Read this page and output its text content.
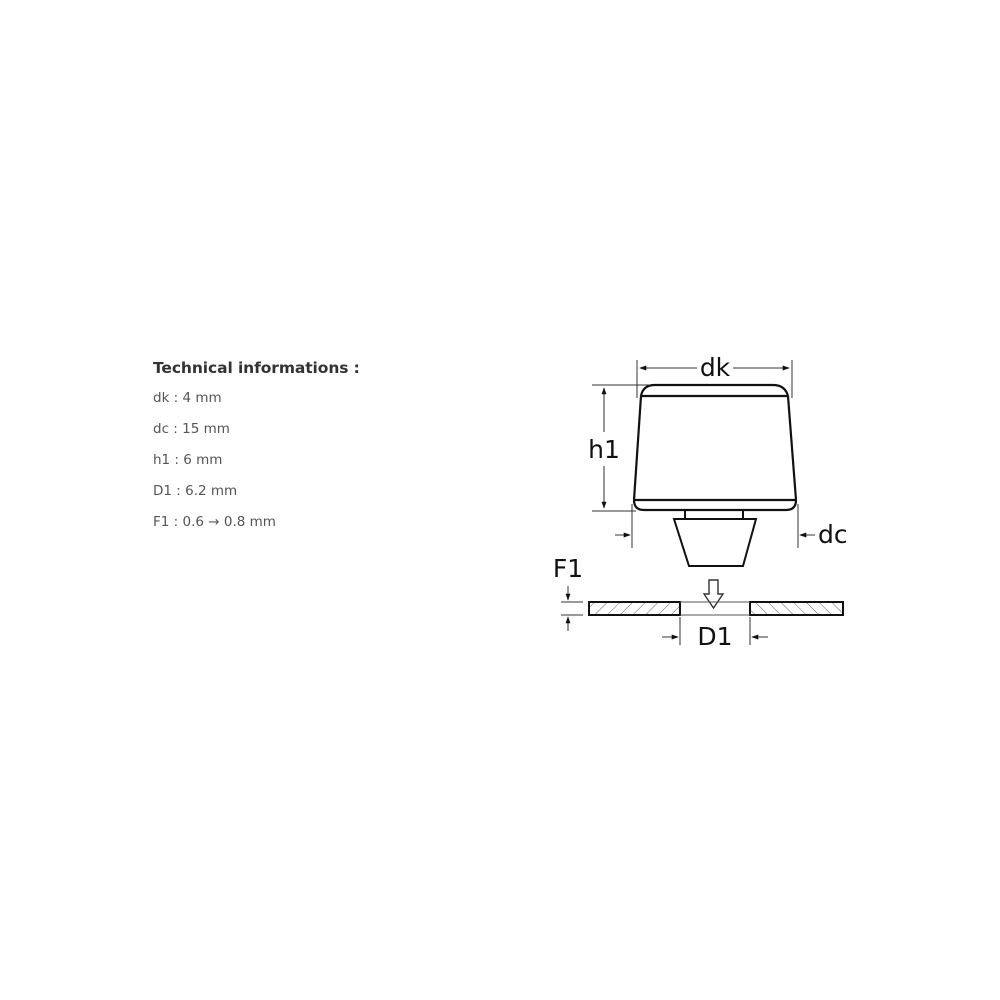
Technical informations :
dk : 4 mm
dc : 15 mm
h1 : 6 mm
D1 : 6.2 mm
F1 : 0.6 → 0.8 mm
dk
h1
dc
F1
D1
